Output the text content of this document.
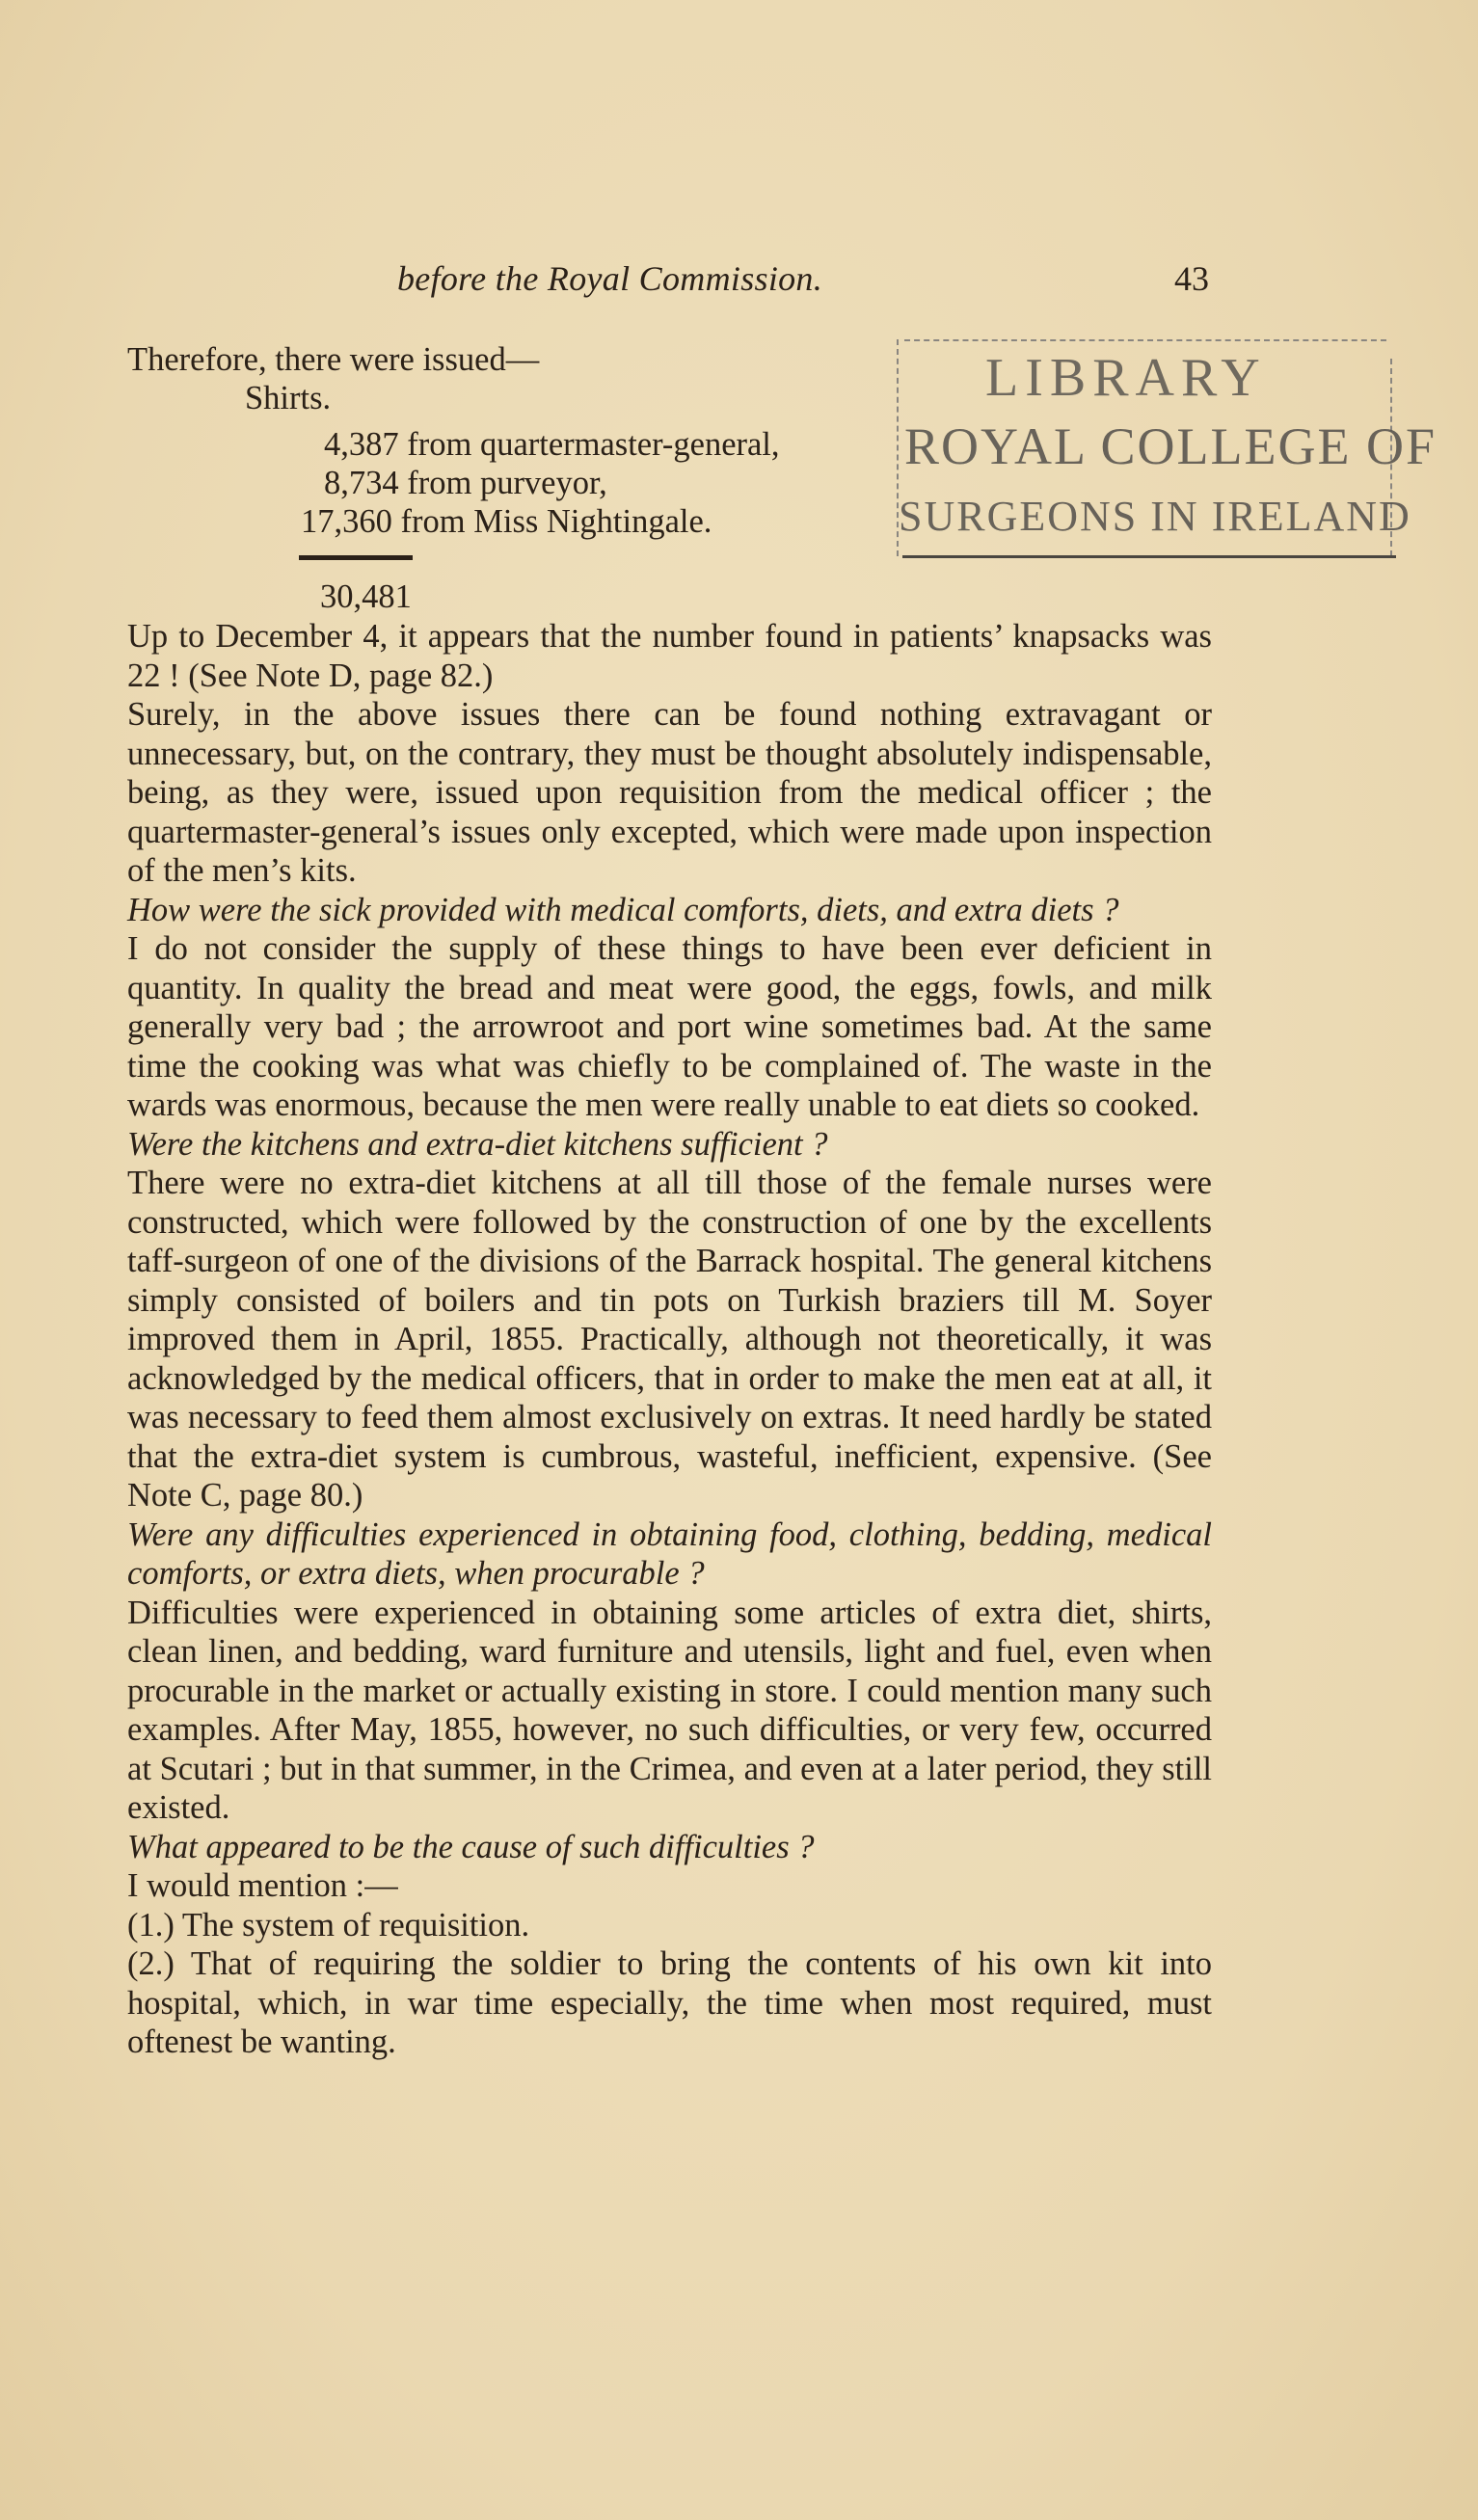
before the Royal Commission.	43
LIBRARY
ROYAL COLLEGE OF
SURGEONS IN IRELAND
Therefore, there were issued—
Shirts.
4,387 from quartermaster-general,
8,734 from purveyor,
17,360 from Miss Nightingale.
30,481

Up to December 4, it appears that the number found in patients’ knapsacks was 22 ! (See Note D, page 82.)

Surely, in the above issues there can be found nothing extravagant or unnecessary, but, on the contrary, they must be thought absolutely indispensable, being, as they were, issued upon requisition from the medical officer ; the quartermaster-general’s issues only excepted, which were made upon inspection of the men’s kits.

How were the sick provided with medical comforts, diets, and extra diets ?

I do not consider the supply of these things to have been ever deficient in quantity. In quality the bread and meat were good, the eggs, fowls, and milk generally very bad ; the arrowroot and port wine sometimes bad. At the same time the cooking was what was chiefly to be complained of. The waste in the wards was enormous, because the men were really unable to eat diets so cooked.

Were the kitchens and extra-diet kitchens sufficient ?

There were no extra-diet kitchens at all till those of the female nurses were constructed, which were followed by the construction of one by the excellents taff-surgeon of one of the divisions of the Barrack hospital. The general kitchens simply consisted of boilers and tin pots on Turkish braziers till M. Soyer improved them in April, 1855. Practically, although not theoretically, it was acknowledged by the medical officers, that in order to make the men eat at all, it was necessary to feed them almost exclusively on extras. It need hardly be stated that the extra-diet system is cumbrous, wasteful, inefficient, expensive. (See Note C, page 80.)

Were any difficulties experienced in obtaining food, clothing, bedding, medical comforts, or extra diets, when procurable ?

Difficulties were experienced in obtaining some articles of extra diet, shirts, clean linen, and bedding, ward furniture and utensils, light and fuel, even when procurable in the market or actually existing in store. I could mention many such examples. After May, 1855, however, no such difficulties, or very few, occurred at Scutari ; but in that summer, in the Crimea, and even at a later period, they still existed.

What appeared to be the cause of such difficulties ?

I would mention :—

(1.) The system of requisition.

(2.) That of requiring the soldier to bring the contents of his own kit into hospital, which, in war time especially, the time when most required, must oftenest be wanting.
